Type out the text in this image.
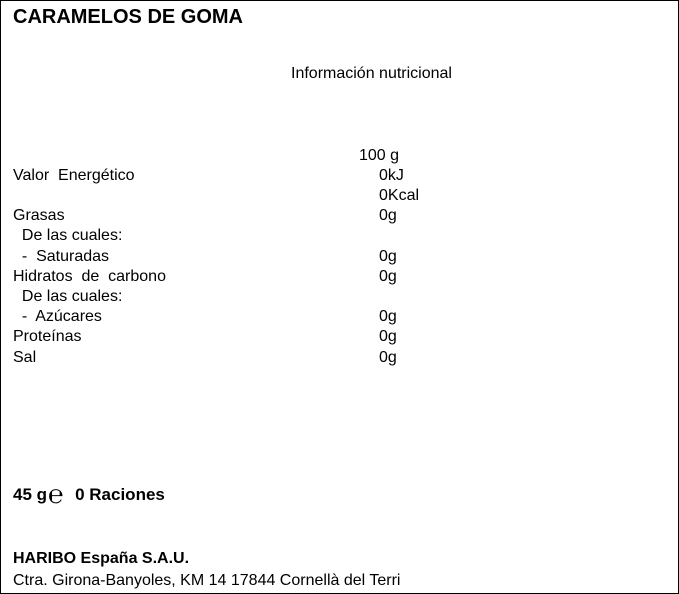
CARAMELOS DE GOMA
Información nutricional
100 g
Valor  Energético	0kJ
0Kcal
Grasas	0g
De las cuales:
-  Saturadas	0g
Hidratos  de  carbono	0g
De las cuales:
-  Azúcares	0g
Proteínas	0g
Sal	0g
45 g℮ 0 Raciones
HARIBO España S.A.U.
Ctra. Girona-Banyoles, KM 14 17844 Cornellà del Terri
